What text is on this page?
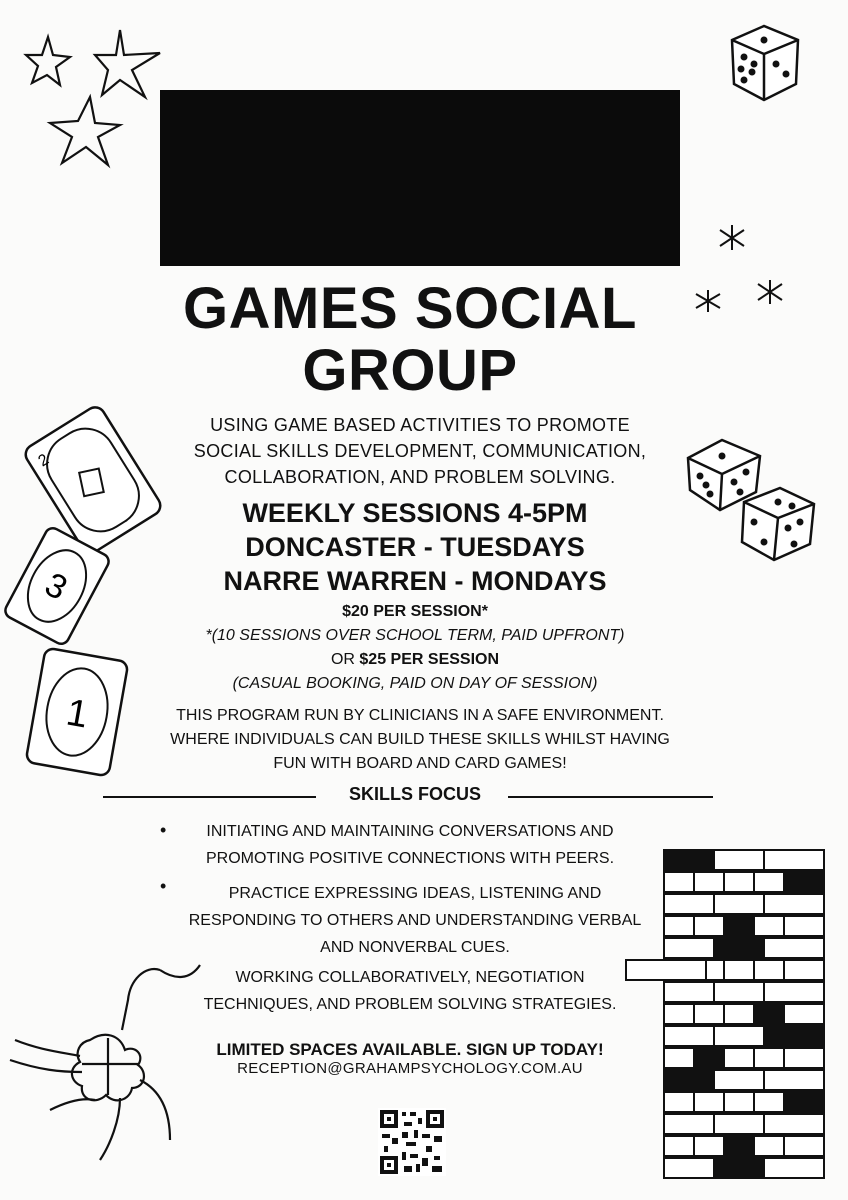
GAMES SOCIAL
GROUP
USING GAME BASED ACTIVITIES TO PROMOTE
SOCIAL SKILLS DEVELOPMENT, COMMUNICATION,
COLLABORATION, AND PROBLEM SOLVING.
WEEKLY SESSIONS 4-5PM
DONCASTER - TUESDAYS
NARRE WARREN - MONDAYS
$20 PER SESSION*
*(10 SESSIONS OVER SCHOOL TERM, PAID UPFRONT)
OR $25 PER SESSION
(CASUAL BOOKING, PAID ON DAY OF SESSION)
THIS PROGRAM RUN BY CLINICIANS IN A SAFE ENVIRONMENT.
WHERE INDIVIDUALS CAN BUILD THESE SKILLS WHILST HAVING
FUN WITH BOARD AND CARD GAMES!
SKILLS FOCUS
•	INITIATING AND MAINTAINING CONVERSATIONS AND
PROMOTING POSITIVE CONNECTIONS WITH PEERS.
•	PRACTICE EXPRESSING IDEAS, LISTENING AND
RESPONDING TO OTHERS AND UNDERSTANDING VERBAL
AND NONVERBAL CUES.
WORKING COLLABORATIVELY, NEGOTIATION
TECHNIQUES, AND PROBLEM SOLVING STRATEGIES.
LIMITED SPACES AVAILABLE. SIGN UP TODAY!
RECEPTION@GRAHAMPSYCHOLOGY.COM.AU
2
3
1
